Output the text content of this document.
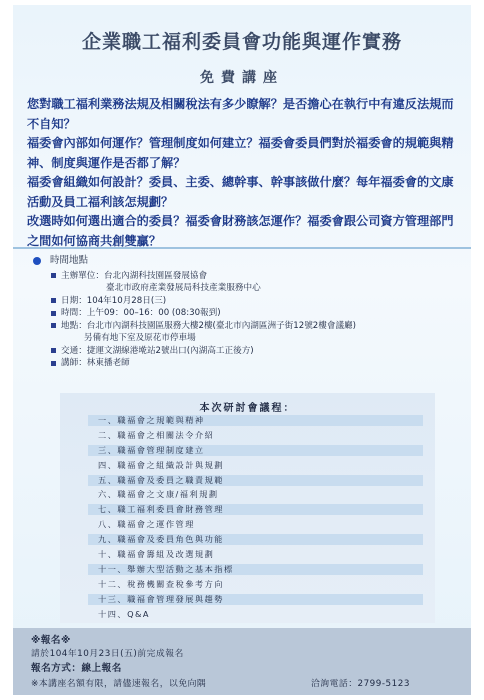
企業職工福利委員會功能與運作實務
免費講座

您對職工福利業務法規及相關稅法有多少瞭解？是否擔心在執行中有違反法規而不自知？

福委會內部如何運作？管理制度如何建立？福委會委員們對於福委會的規範與精神、制度與運作是否都了解？

福委會組織如何設計？委員、主委、總幹事、幹事該做什麼？每年福委會的文康活動及員工福利該怎規劃？

改選時如何選出適合的委員？福委會財務該怎運作？福委會跟公司資方管理部門之間如何協商共創雙贏？

時間地點
主辦單位：台北內湖科技園區發展協會
臺北市政府產業發展局科技產業服務中心
日期：104年10月28日(三)
時間：上午09：00–16：00 (08:30報到)
地點：台北市內湖科技園區服務大樓2樓(臺北市內湖區洲子街12號2樓會議廳)
另備有地下室及原花市停車場
交通：捷運文湖線港墘站2號出口(內湖高工正後方)
講師：林東播老師
本次研討會議程：
一、職福會之規範與精神
二、職福會之相關法令介紹
三、職福會管理制度建立
四、職福會之組織設計與規劃
五、職福會及委員之職責規範
六、職福會之文康/福利規劃
七、職工福利委員會財務管理
八、職福會之運作管理
九、職福會及委員角色與功能
十、職福會籌組及改選規劃
十一、舉辦大型活動之基本指標
十二、稅務機關查稅參考方向
十三、職福會管理發展與趨勢
十四、Q&A
※報名※
請於104年10月23日(五)前完成報名
報名方式：線上報名
※本講座名額有限，請儘速報名，以免向隅	洽詢電話：2799-5123
